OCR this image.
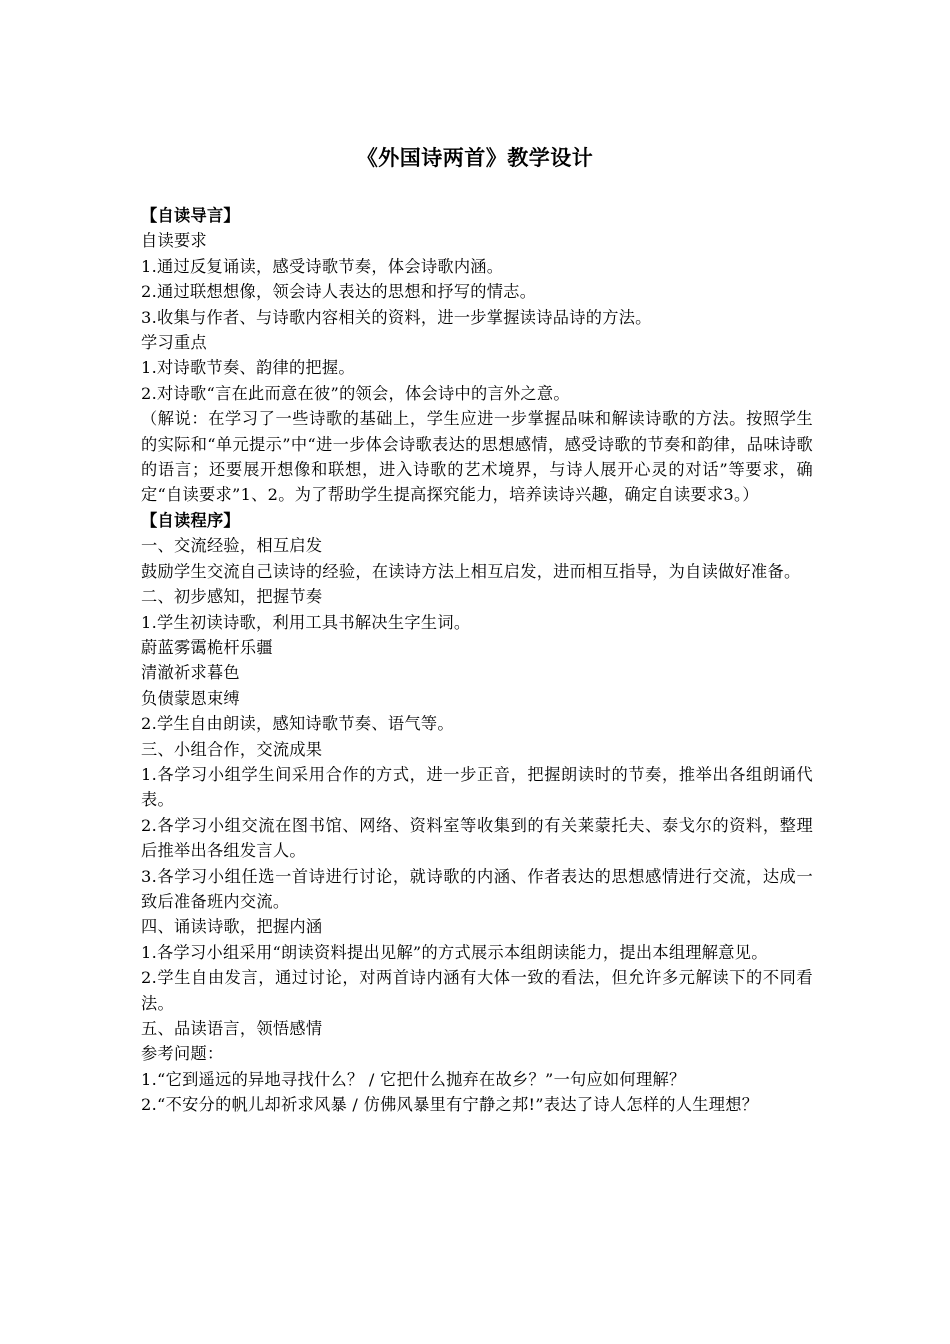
《外国诗两首》教学设计

【自读导言】

自读要求

1.通过反复诵读，感受诗歌节奏，体会诗歌内涵。

2.通过联想想像，领会诗人表达的思想和抒写的情志。

3.收集与作者、与诗歌内容相关的资料，进一步掌握读诗品诗的方法。

学习重点

1.对诗歌节奏、韵律的把握。

2.对诗歌“言在此而意在彼”的领会，体会诗中的言外之意。

（解说：在学习了一些诗歌的基础上，学生应进一步掌握品味和解读诗歌的方法。按照学生的实际和“单元提示”中“进一步体会诗歌表达的思想感情，感受诗歌的节奏和韵律，品味诗歌的语言；还要展开想像和联想，进入诗歌的艺术境界，与诗人展开心灵的对话”等要求，确定“自读要求”1、2。为了帮助学生提高探究能力，培养读诗兴趣，确定自读要求3。）

【自读程序】

一、交流经验，相互启发

鼓励学生交流自己读诗的经验，在读诗方法上相互启发，进而相互指导，为自读做好准备。

二、初步感知，把握节奏

1.学生初读诗歌，利用工具书解决生字生词。

蔚蓝雾霭桅杆乐疆

清澈祈求暮色

负债蒙恩束缚

2.学生自由朗读，感知诗歌节奏、语气等。

三、小组合作，交流成果

1.各学习小组学生间采用合作的方式，进一步正音，把握朗读时的节奏，推举出各组朗诵代表。

2.各学习小组交流在图书馆、网络、资料室等收集到的有关莱蒙托夫、泰戈尔的资料，整理后推举出各组发言人。

3.各学习小组任选一首诗进行讨论，就诗歌的内涵、作者表达的思想感情进行交流，达成一致后准备班内交流。

四、诵读诗歌，把握内涵

1.各学习小组采用“朗读资料提出见解”的方式展示本组朗读能力，提出本组理解意见。

2.学生自由发言，通过讨论，对两首诗内涵有大体一致的看法，但允许多元解读下的不同看法。

五、品读语言，领悟感情

参考问题：

1.“它到遥远的异地寻找什么？ / 它把什么抛弃在故乡？”一句应如何理解？

2.“不安分的帆儿却祈求风暴 / 仿佛风暴里有宁静之邦!”表达了诗人怎样的人生理想？
